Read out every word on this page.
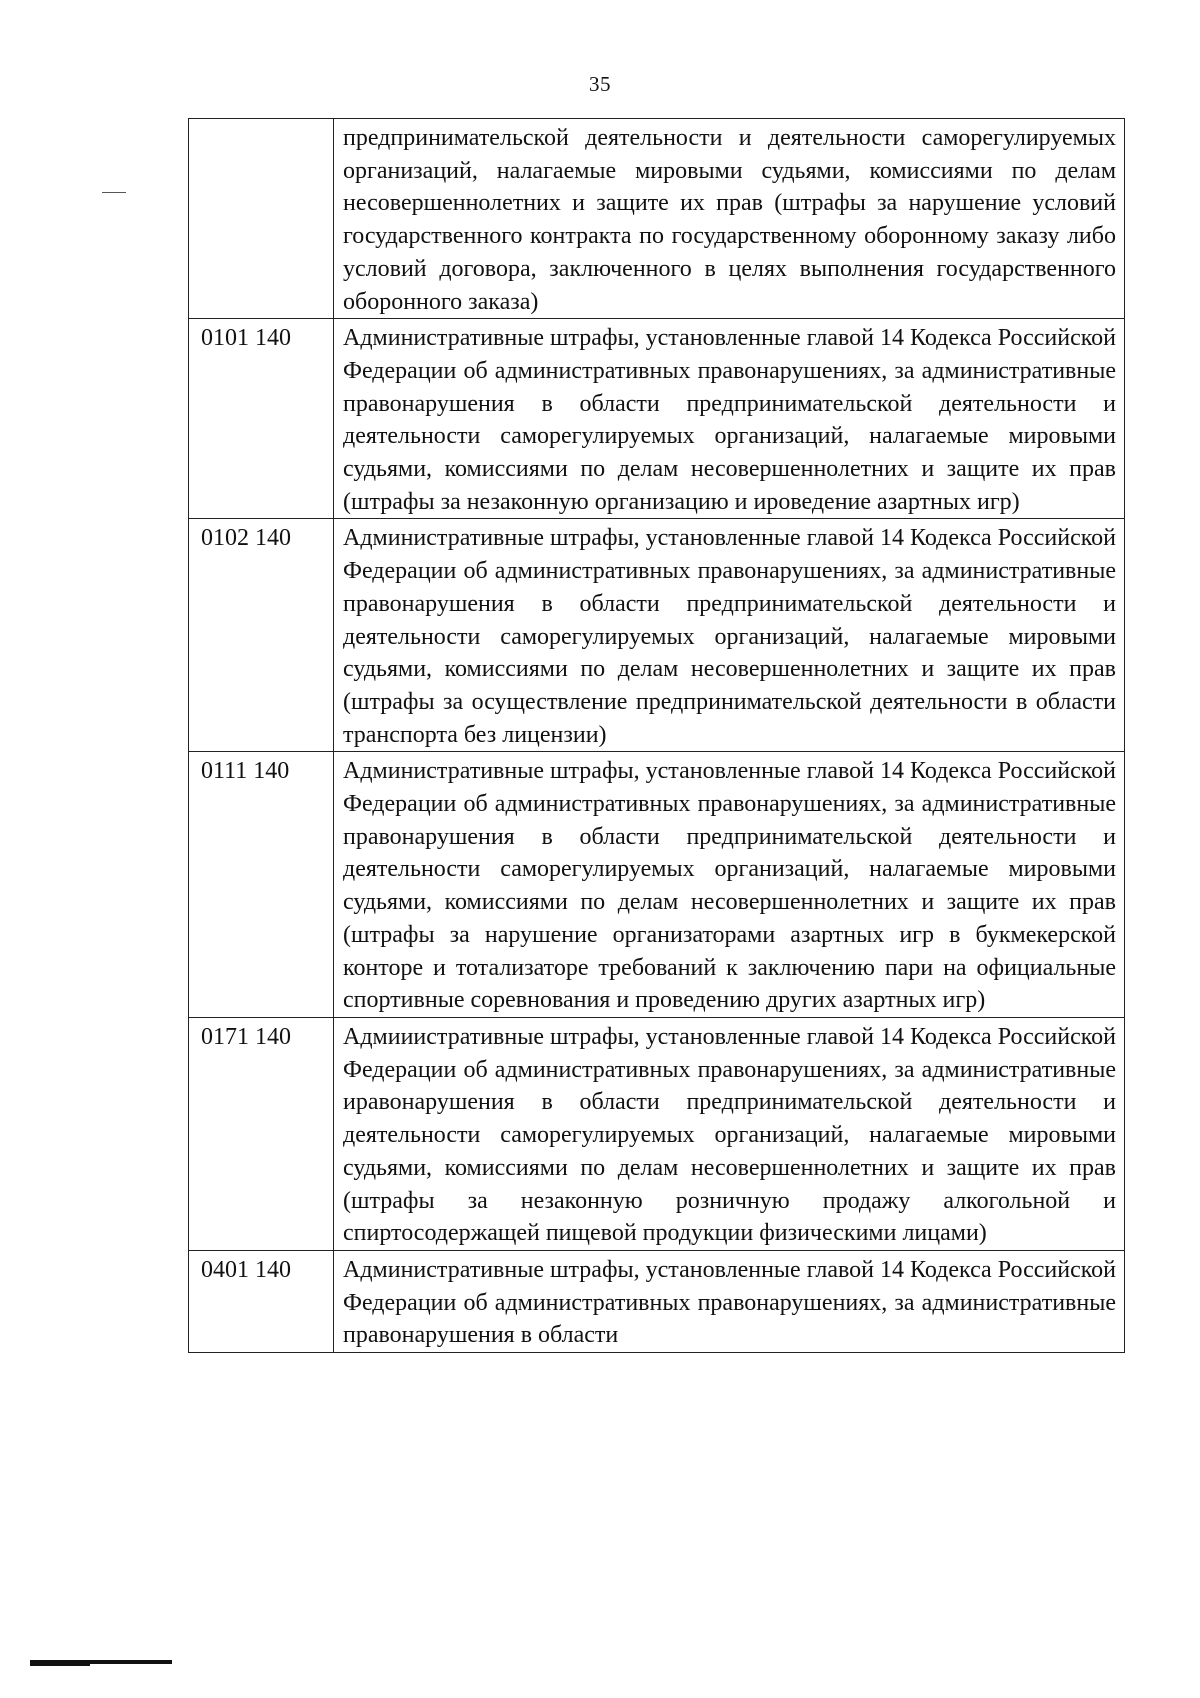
35
	предпринимательской деятельности и деятельности саморегулируемых организаций, налагаемые мировыми судьями, комиссиями по делам несовершеннолетних и защите их прав (штрафы за нарушение условий государственного контракта по государственному оборонному заказу либо условий договора, заключенного в целях выполнения государственного оборонного заказа)
0101 140	Административные штрафы, установленные главой 14 Кодекса Российской Федерации об административных правонарушениях, за административные правонарушения в области предпринимательской деятельности и деятельности саморегулируемых организаций, налагаемые мировыми судьями, комиссиями по делам несовершеннолетних и защите их прав (штрафы за незаконную организацию и ироведение азартных игр)
0102 140	Административные штрафы, установленные главой 14 Кодекса Российской Федерации об административных правонарушениях, за административные правонарушения в области предпринимательской деятельности и деятельности саморегулируемых организаций, налагаемые мировыми судьями, комиссиями по делам несовершеннолетних и защите их прав (штрафы за осуществление предпринимательской деятельности в области транспорта без лицензии)
0111 140	Административные штрафы, установленные главой 14 Кодекса Российской Федерации об административных правонарушениях, за административные правонарушения в области предпринимательской деятельности и деятельности саморегулируемых организаций, налагаемые мировыми судьями, комиссиями по делам несовершеннолетних и защите их прав (штрафы за нарушение организаторами азартных игр в букмекерской конторе и тотализаторе требований к заключению пари на официальные спортивные соревнования и проведению других азартных игр)
0171 140	Адмииистративные штрафы, установленные главой 14 Кодекса Российской Федерации об административных правонарушениях, за административные иравонарушения в области предпринимательской деятельности и деятельности саморегулируемых организаций, налагаемые мировыми судьями, комиссиями по делам несовершеннолетних и защите их прав (штрафы за незаконную розничную продажу алкогольной и спиртосодержащей пищевой продукции физическими лицами)
0401 140	Административные штрафы, установленные главой 14 Кодекса Российской Федерации об административных правонарушениях, за административные правонарушения в области
